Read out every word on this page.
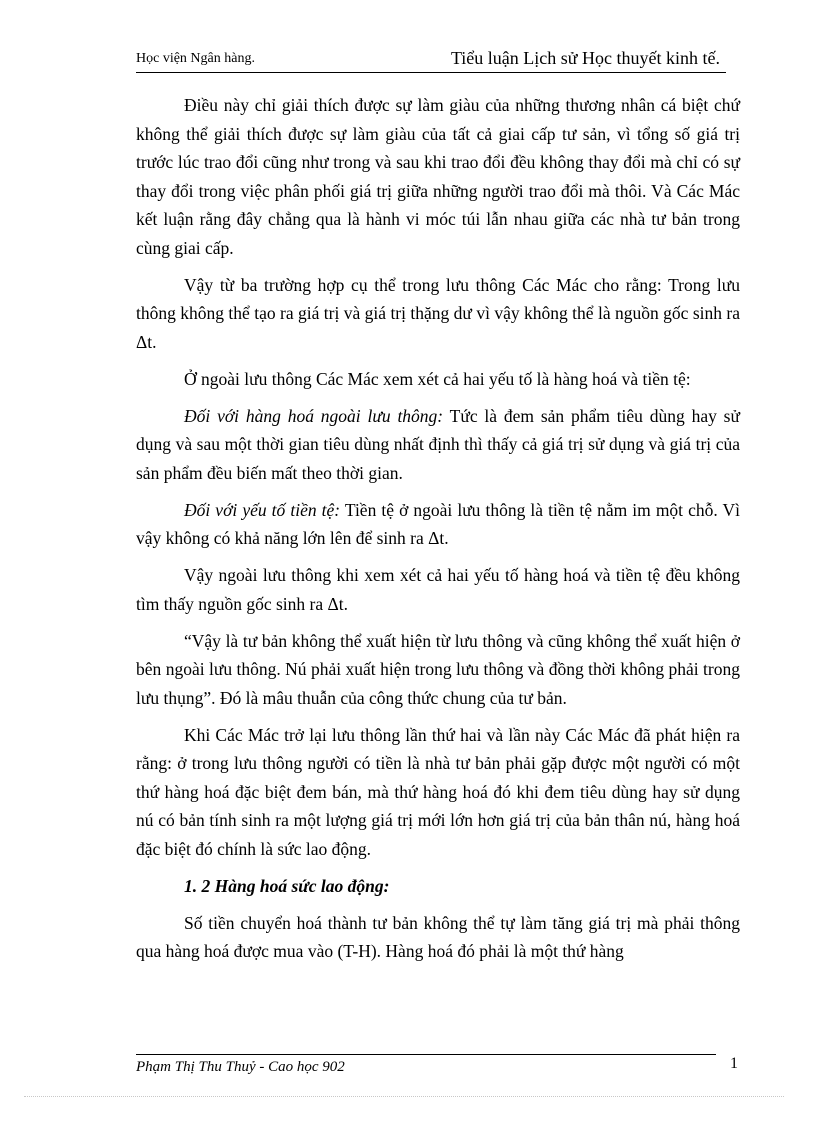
Học viện Ngân hàng.	Tiểu luận Lịch sử Học thuyết kinh tế.

Điều này chỉ giải thích được sự làm giàu của những thương nhân cá biệt chứ không thể giải thích được sự làm giàu của tất cả giai cấp tư sản, vì tổng số giá trị trước lúc trao đổi cũng như trong và sau khi trao đổi đều không thay đổi mà chỉ có sự thay đổi trong việc phân phối giá trị giữa những người trao đổi mà thôi. Và Các Mác kết luận rằng đây chẳng qua là hành vi móc túi lẫn nhau giữa các nhà tư bản trong cùng giai cấp.

Vậy từ ba trường hợp cụ thể trong lưu thông Các Mác cho rằng: Trong lưu thông không thể tạo ra giá trị và giá trị thặng dư vì vậy không thể là nguồn gốc sinh ra Δt.

Ở ngoài lưu thông Các Mác xem xét cả hai yếu tố là hàng hoá và tiền tệ:

Đối với hàng hoá ngoài lưu thông: Tức là đem sản phẩm tiêu dùng hay sử dụng và sau một thời gian tiêu dùng nhất định thì thấy cả giá trị sử dụng và giá trị của sản phẩm đều biến mất theo thời gian.

Đối với yếu tố tiền tệ: Tiền tệ ở ngoài lưu thông là tiền tệ nằm im một chỗ. Vì vậy không có khả năng lớn lên để sinh ra Δt.

Vậy ngoài lưu thông khi xem xét cả hai yếu tố hàng hoá và tiền tệ đều không tìm thấy nguồn gốc sinh ra Δt.

“Vậy là tư bản không thể xuất hiện từ lưu thông và cũng không thể xuất hiện ở bên ngoài lưu thông. Nú phải xuất hiện trong lưu thông và đồng thời không phải trong lưu thụng”. Đó là mâu thuẫn của công thức chung của tư bản.

Khi Các Mác trở lại lưu thông lần thứ hai và lần này Các Mác đã phát hiện ra rằng: ở trong lưu thông người có tiền là nhà tư bản phải gặp được một người có một thứ hàng hoá đặc biệt đem bán, mà thứ hàng hoá đó khi đem tiêu dùng hay sử dụng nú có bản tính sinh ra một lượng giá trị mới lớn hơn giá trị của bản thân nú, hàng hoá đặc biệt đó chính là sức lao động.

1. 2 Hàng hoá sức lao động:

Số tiền chuyển hoá thành tư bản không thể tự làm tăng giá trị mà phải thông qua hàng hoá được mua vào (T-H). Hàng hoá đó phải là một thứ hàng

Phạm Thị Thu Thuỷ - Cao học 902	1
